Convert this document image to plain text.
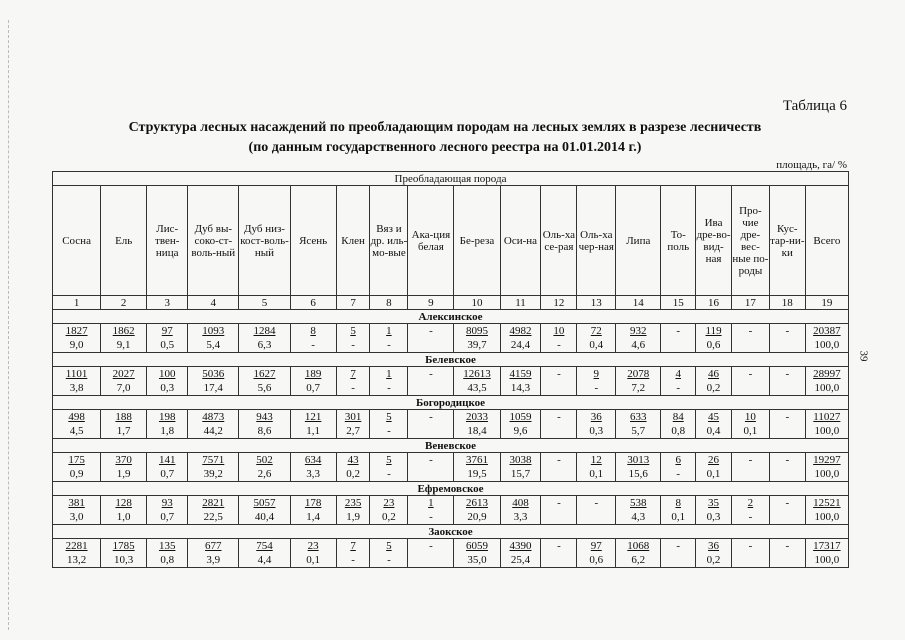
39
Таблица 6
Структура лесных насаждений по преобладающим породам на лесных землях в разрезе лесничеств
(по данным государственного лесного реестра на 01.01.2014 г.)
площадь, га/ %
Преобладающая порода																		
Сосна	Ель	Лис-твен-ница	Дуб вы-соко-ст-воль-ный	Дуб низ-кост-воль-ный	Ясень	Клен	Вяз и др. иль-мо-вые	Ака-ция белая	Бе-реза	Оси-на	Оль-ха се-рая	Оль-ха чер-ная	Липа	То-поль	Ива дре-во-вид-ная	Про-чие дре-вес-ные по-роды	Кус-тар-ни-ки	Всего
1	2	3	4	5	6	7	8	9	10	11	12	13	14	15	16	17	18	19
Алексинское																		
1827	1862	97	1093	1284	8	5	1	-	8095	4982	10	72	932	-	119	-	-	20387
9,0	9,1	0,5	5,4	6,3	-	-	-		39,7	24,4	-	0,4	4,6		0,6			100,0
Белевское																		
1101	2027	100	5036	1627	189	7	1	-	12613	4159	-	9	2078	4	46	-	-	28997
3,8	7,0	0,3	17,4	5,6	0,7	-	-		43,5	14,3		-	7,2	-	0,2			100,0
Богородицкое																		
498	188	198	4873	943	121	301	5	-	2033	1059	-	36	633	84	45	10	-	11027
4,5	1,7	1,8	44,2	8,6	1,1	2,7	-		18,4	9,6		0,3	5,7	0,8	0,4	0,1		100,0
Веневское																		
175	370	141	7571	502	634	43	5	-	3761	3038	-	12	3013	6	26	-	-	19297
0,9	1,9	0,7	39,2	2,6	3,3	0,2	-		19,5	15,7		0,1	15,6	-	0,1			100,0
Ефремовское																		
381	128	93	2821	5057	178	235	23	1	2613	408	-	-	538	8	35	2	-	12521
3,0	1,0	0,7	22,5	40,4	1,4	1,9	0,2	-	20,9	3,3			4,3	0,1	0,3	-		100,0
Заокское																		
2281	1785	135	677	754	23	7	5	-	6059	4390	-	97	1068	-	36	-	-	17317
13,2	10,3	0,8	3,9	4,4	0,1	-	-		35,0	25,4		0,6	6,2		0,2			100,0
